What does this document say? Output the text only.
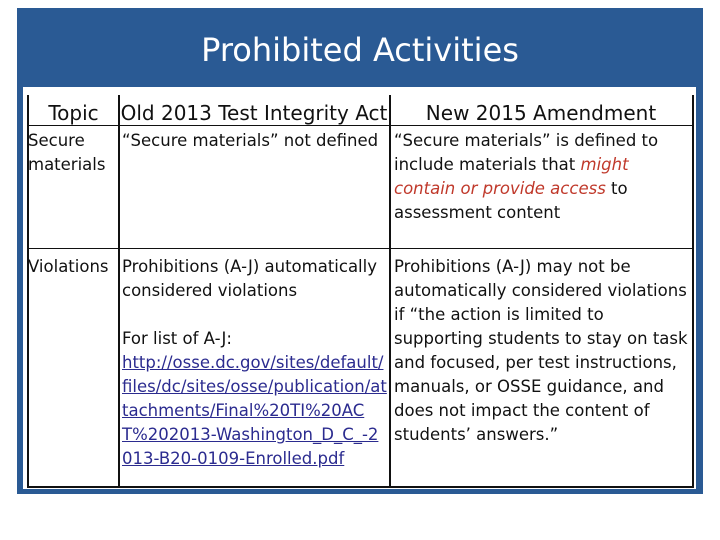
Prohibited Activities
Topic	Old 2013 Test Integrity Act	New 2015 Amendment
Secure materials
“Secure materials” not defined “Secure materials” is defined to include materials that might contain or provide access to assessment content
Violations Prohibitions (A-J) automatically considered violations
For list of A-J:
http://osse.dc.gov/sites/default/files/dc/sites/osse/publication/attachments/Final%20TI%20ACT%202013-Washington_D_C_-2013-B20-0109-Enrolled.pdf
Prohibitions (A-J) may not be automatically considered violations if “the action is limited to supporting students to stay on task and focused, per test instructions, manuals, or OSSE guidance, and does not impact the content of students’ answers.”
